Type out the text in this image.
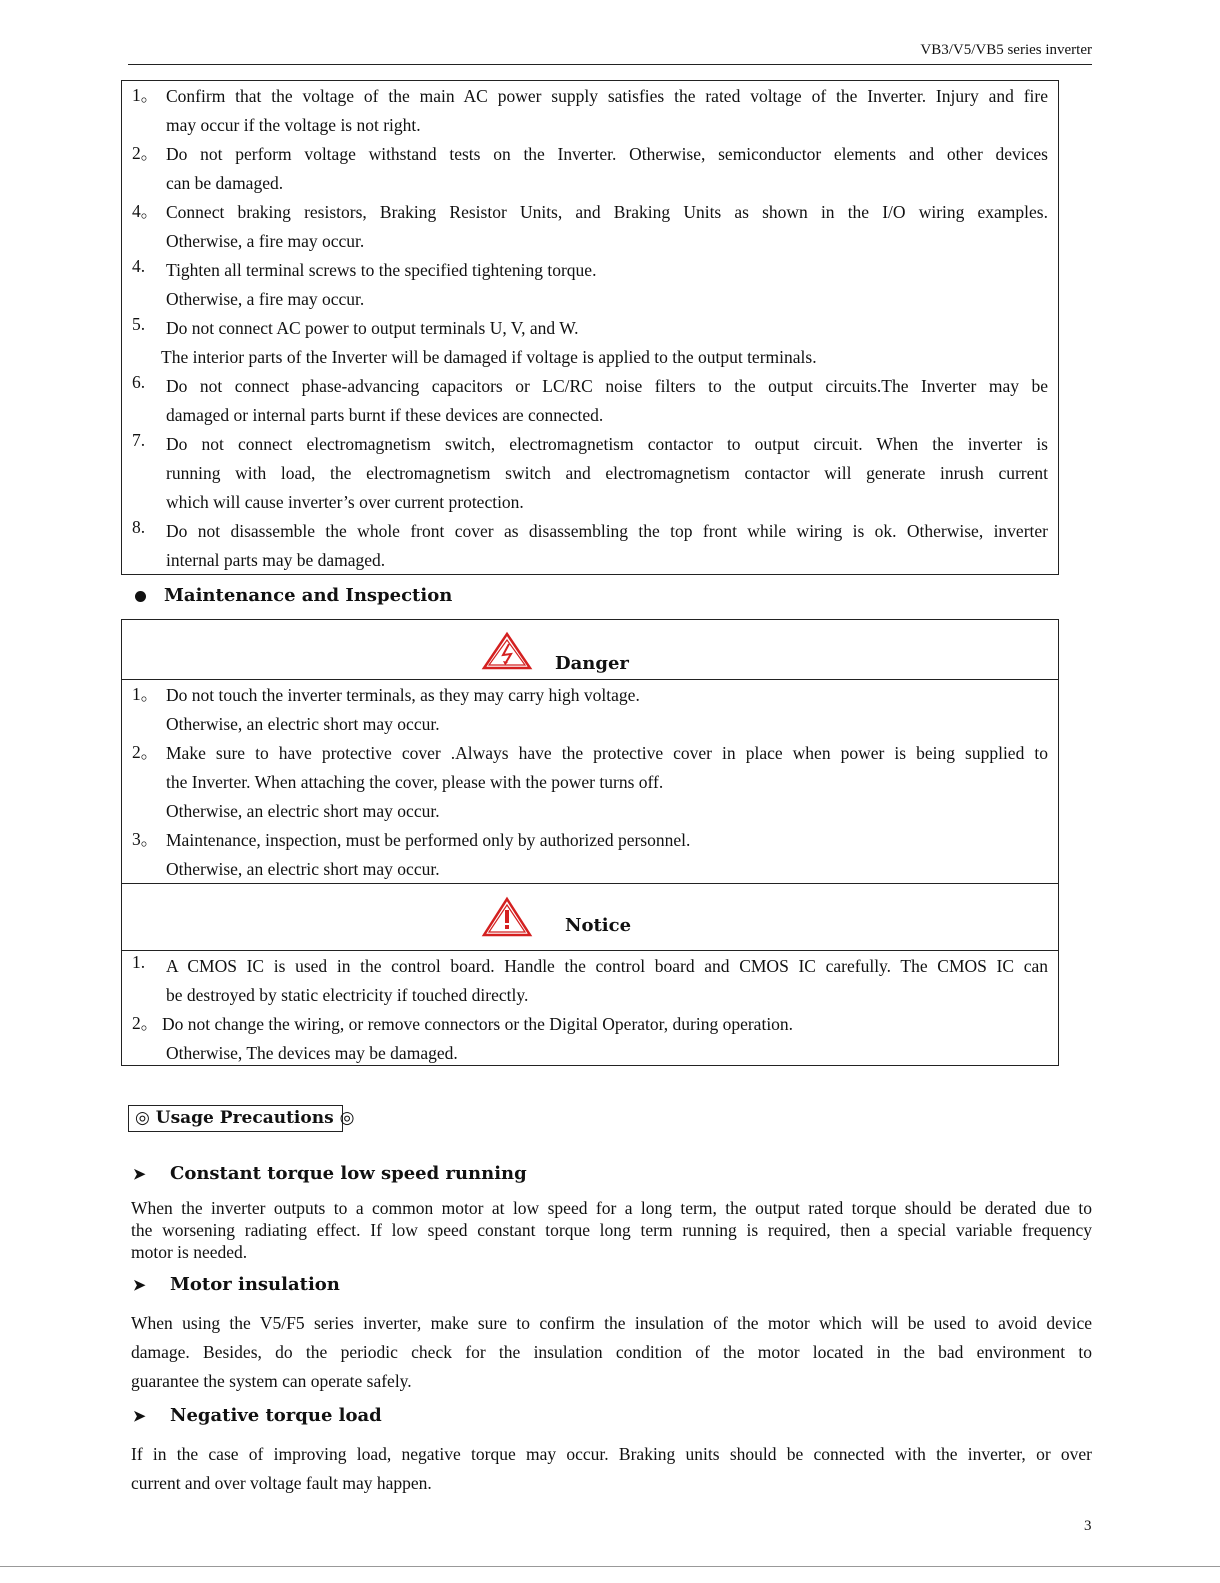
VB3/V5/VB5 series inverter
1。 Confirm that the voltage of the main AC power supply satisfies the rated voltage of the Inverter. Injury and fire
may occur if the voltage is not right.
2。 Do not perform voltage withstand tests on the Inverter. Otherwise, semiconductor elements and other devices
can be damaged.
4。 Connect braking resistors, Braking Resistor Units, and Braking Units as shown in the I/O wiring examples.
Otherwise, a fire may occur.
4. Tighten all terminal screws to the specified tightening torque.
Otherwise, a fire may occur.
5. Do not connect AC power to output terminals U, V, and W.
The interior parts of the Inverter will be damaged if voltage is applied to the output terminals.
6. Do not connect phase-advancing capacitors or LC/RC noise filters to the output circuits.The Inverter may be
damaged or internal parts burnt if these devices are connected.
7. Do not connect electromagnetism switch, electromagnetism contactor to output circuit. When the inverter is
running with load, the electromagnetism switch and electromagnetism contactor will generate inrush current
which will cause inverter’s over current protection.
8. Do not disassemble the whole front cover as disassembling the top front while wiring is ok. Otherwise, inverter
internal parts may be damaged.
Maintenance and Inspection
Danger
1。 Do not touch the inverter terminals, as they may carry high voltage.
Otherwise, an electric short may occur.
2。 Make sure to have protective cover .Always have the protective cover in place when power is being supplied to
the Inverter. When attaching the cover, please with the power turns off.
Otherwise, an electric short may occur.
3。 Maintenance, inspection, must be performed only by authorized personnel.
Otherwise, an electric short may occur.
Notice
1. A CMOS IC is used in the control board. Handle the control board and CMOS IC carefully. The CMOS IC can
be destroyed by static electricity if touched directly.
2。 Do not change the wiring, or remove connectors or the Digital Operator, during operation.
Otherwise, The devices may be damaged.
◎ Usage Precautions ◎
➤ Constant torque low speed running
When the inverter outputs to a common motor at low speed for a long term, the output rated torque should be derated due to
the worsening radiating effect. If low speed constant torque long term running is required, then a special variable frequency
motor is needed.
➤ Motor insulation
When using the V5/F5 series inverter, make sure to confirm the insulation of the motor which will be used to avoid device
damage. Besides, do the periodic check for the insulation condition of the motor located in the bad environment to
guarantee the system can operate safely.
➤ Negative torque load
If in the case of improving load, negative torque may occur. Braking units should be connected with the inverter, or over
current and over voltage fault may happen.
3
